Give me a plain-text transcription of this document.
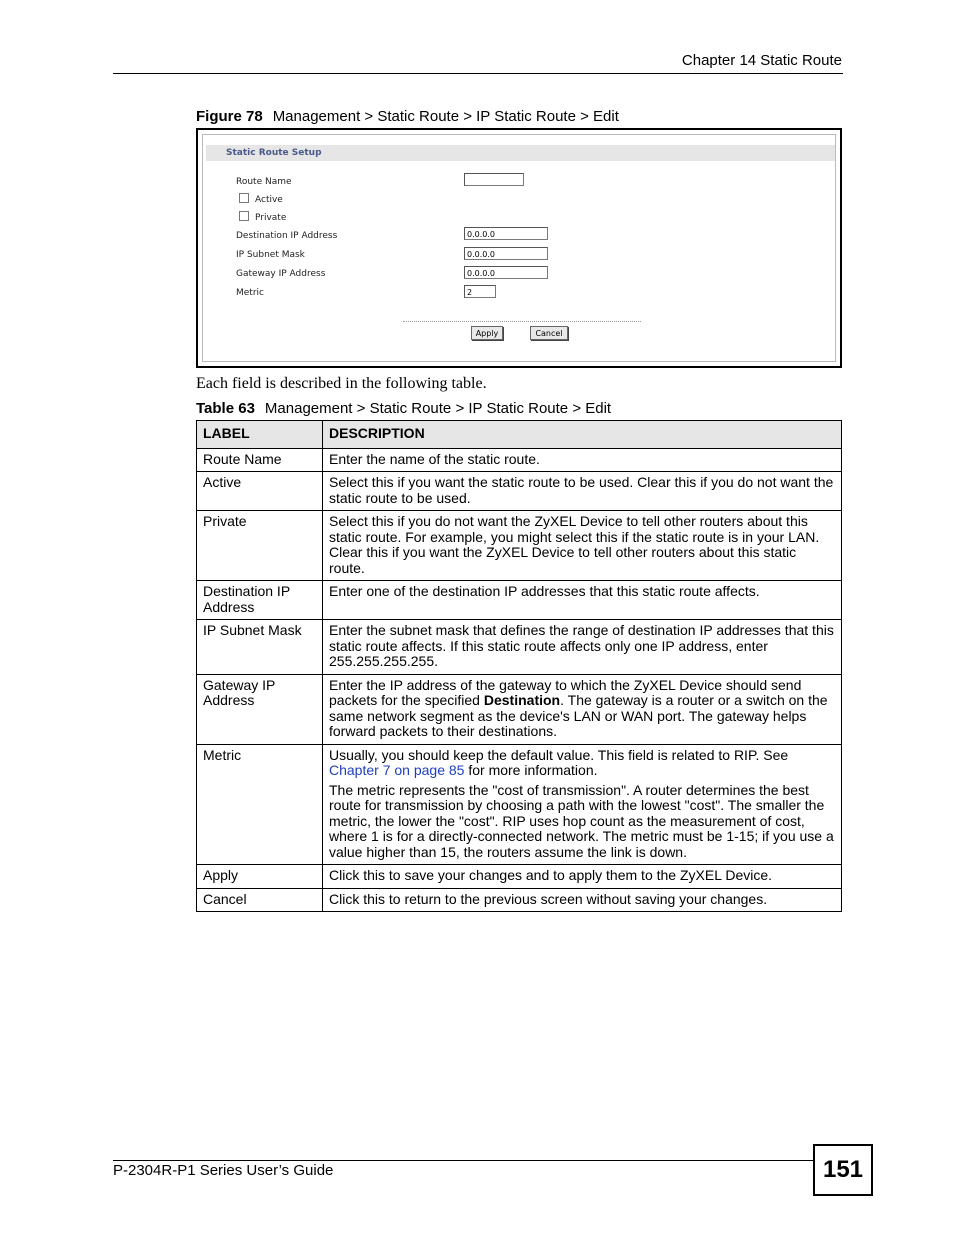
Chapter 14 Static Route
Figure 78 Management > Static Route > IP Static Route > Edit
Static Route Setup
Route Name
Active
Private
Destination IP Address	0.0.0.0
IP Subnet Mask	0.0.0.0
Gateway IP Address	0.0.0.0
Metric	2
Apply	Cancel
Each field is described in the following table.
Table 63 Management > Static Route > IP Static Route > Edit
LABEL	DESCRIPTION
Route Name	Enter the name of the static route.
Active	Select this if you want the static route to be used. Clear this if you do not want the static route to be used.
Private	Select this if you do not want the ZyXEL Device to tell other routers about this static route. For example, you might select this if the static route is in your LAN. Clear this if you want the ZyXEL Device to tell other routers about this static route.
Destination IP Address	Enter one of the destination IP addresses that this static route affects.
IP Subnet Mask	Enter the subnet mask that defines the range of destination IP addresses that this static route affects. If this static route affects only one IP address, enter 255.255.255.255.
Gateway IP Address	Enter the IP address of the gateway to which the ZyXEL Device should send packets for the specified Destination. The gateway is a router or a switch on the same network segment as the device's LAN or WAN port. The gateway helps forward packets to their destinations.
Metric	Usually, you should keep the default value. This field is related to RIP. See Chapter 7 on page 85 for more information.

The metric represents the "cost of transmission". A router determines the best route for transmission by choosing a path with the lowest "cost". The smaller the metric, the lower the "cost". RIP uses hop count as the measurement of cost, where 1 is for a directly-connected network. The metric must be 1-15; if you use a value higher than 15, the routers assume the link is down.

Apply	Click this to save your changes and to apply them to the ZyXEL Device.
Cancel	Click this to return to the previous screen without saving your changes.
P-2304R-P1 Series User’s Guide	151
